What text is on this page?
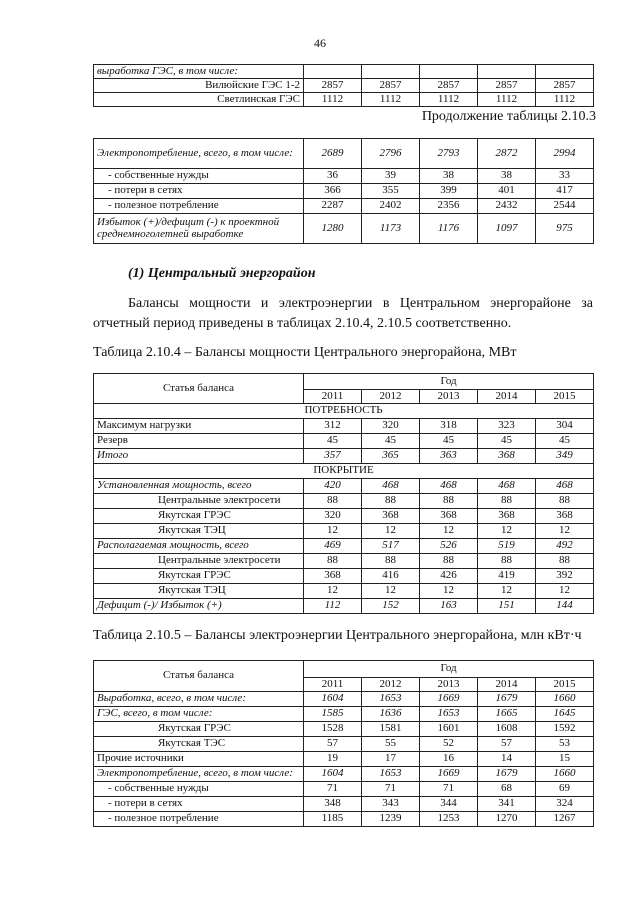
46
выработка ГЭС, в том числе:					
Вилюйские ГЭС 1-2	2857	2857	2857	2857	2857
Светлинская ГЭС	1112	1112	1112	1112	1112
Продолжение таблицы 2.10.3
Электропотребление, всего, в том числе:	2689	2796	2793	2872	2994
- собственные нужды	36	39	38	38	33
- потери в сетях	366	355	399	401	417
- полезное потребление	2287	2402	2356	2432	2544
Избыток (+)/дефицит (-) к проектной среднемноголетней выработке	1280	1173	1176	1097	975
(1) Центральный энергорайон
Балансы мощности и электроэнергии в Центральном энергорайоне за отчетный период приведены в таблицах 2.10.4, 2.10.5 соответственно.
Таблица 2.10.4 – Балансы мощности Центрального энергорайона, МВт
Статья баланса	Год				
	2011	2012	2013	2014	2015
ПОТРЕБНОСТЬ					
Максимум нагрузки	312	320	318	323	304
Резерв	45	45	45	45	45
Итого	357	365	363	368	349
ПОКРЫТИЕ					
Установленная мощность, всего	420	468	468	468	468
Центральные электросети	88	88	88	88	88
Якутская ГРЭС	320	368	368	368	368
Якутская ТЭЦ	12	12	12	12	12
Располагаемая мощность, всего	469	517	526	519	492
Центральные электросети	88	88	88	88	88
Якутская ГРЭС	368	416	426	419	392
Якутская ТЭЦ	12	12	12	12	12
Дефицит (-)/ Избыток (+)	112	152	163	151	144
Таблица 2.10.5 – Балансы электроэнергии Центрального энергорайона, млн кВт·ч
Статья баланса	Год				
	2011	2012	2013	2014	2015
Выработка, всего, в том числе:	1604	1653	1669	1679	1660
ГЭС, всего, в том числе:	1585	1636	1653	1665	1645
Якутская ГРЭС	1528	1581	1601	1608	1592
Якутская ТЭС	57	55	52	57	53
Прочие источники	19	17	16	14	15
Электропотребление, всего, в том числе:	1604	1653	1669	1679	1660
- собственные нужды	71	71	71	68	69
- потери в сетях	348	343	344	341	324
- полезное потребление	1185	1239	1253	1270	1267
